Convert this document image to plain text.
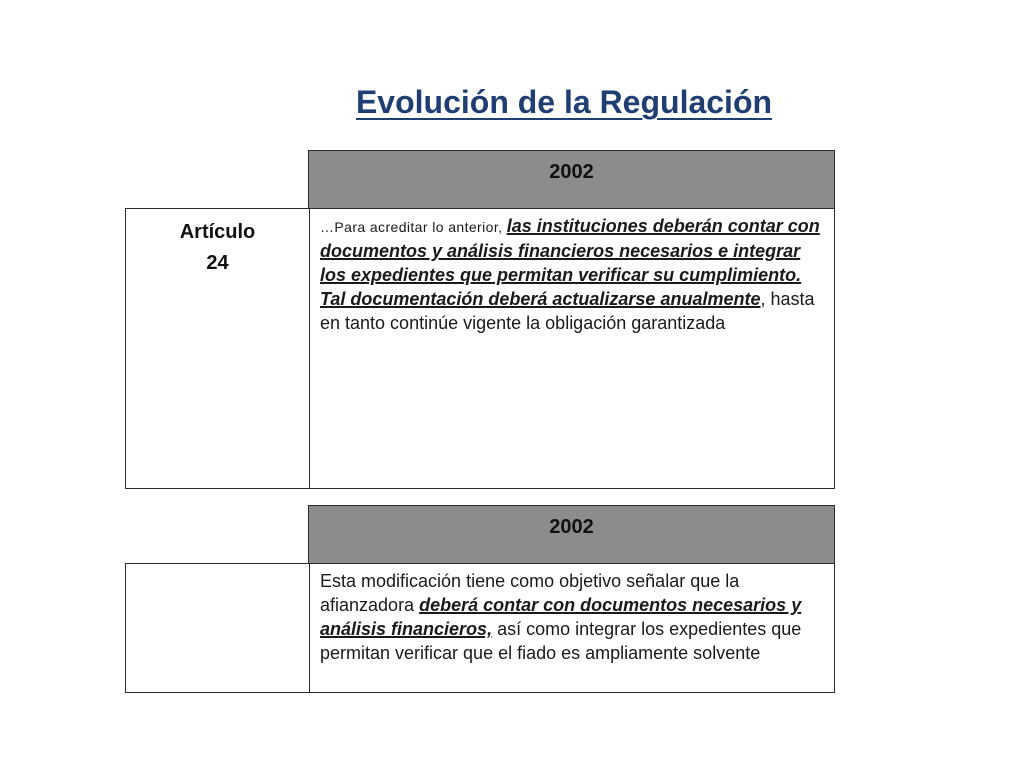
Evolución de la Regulación
2002
Artículo
24
…Para acreditar lo anterior, las instituciones deberán contar con documentos y análisis financieros necesarios e integrar los expedientes que permitan verificar su cumplimiento. Tal documentación deberá actualizarse anualmente, hasta en tanto continúe vigente la obligación garantizada
2002
Esta modificación tiene como objetivo señalar que la afianzadora deberá contar con documentos necesarios y análisis financieros, así como integrar los expedientes que permitan verificar que el fiado es ampliamente solvente
